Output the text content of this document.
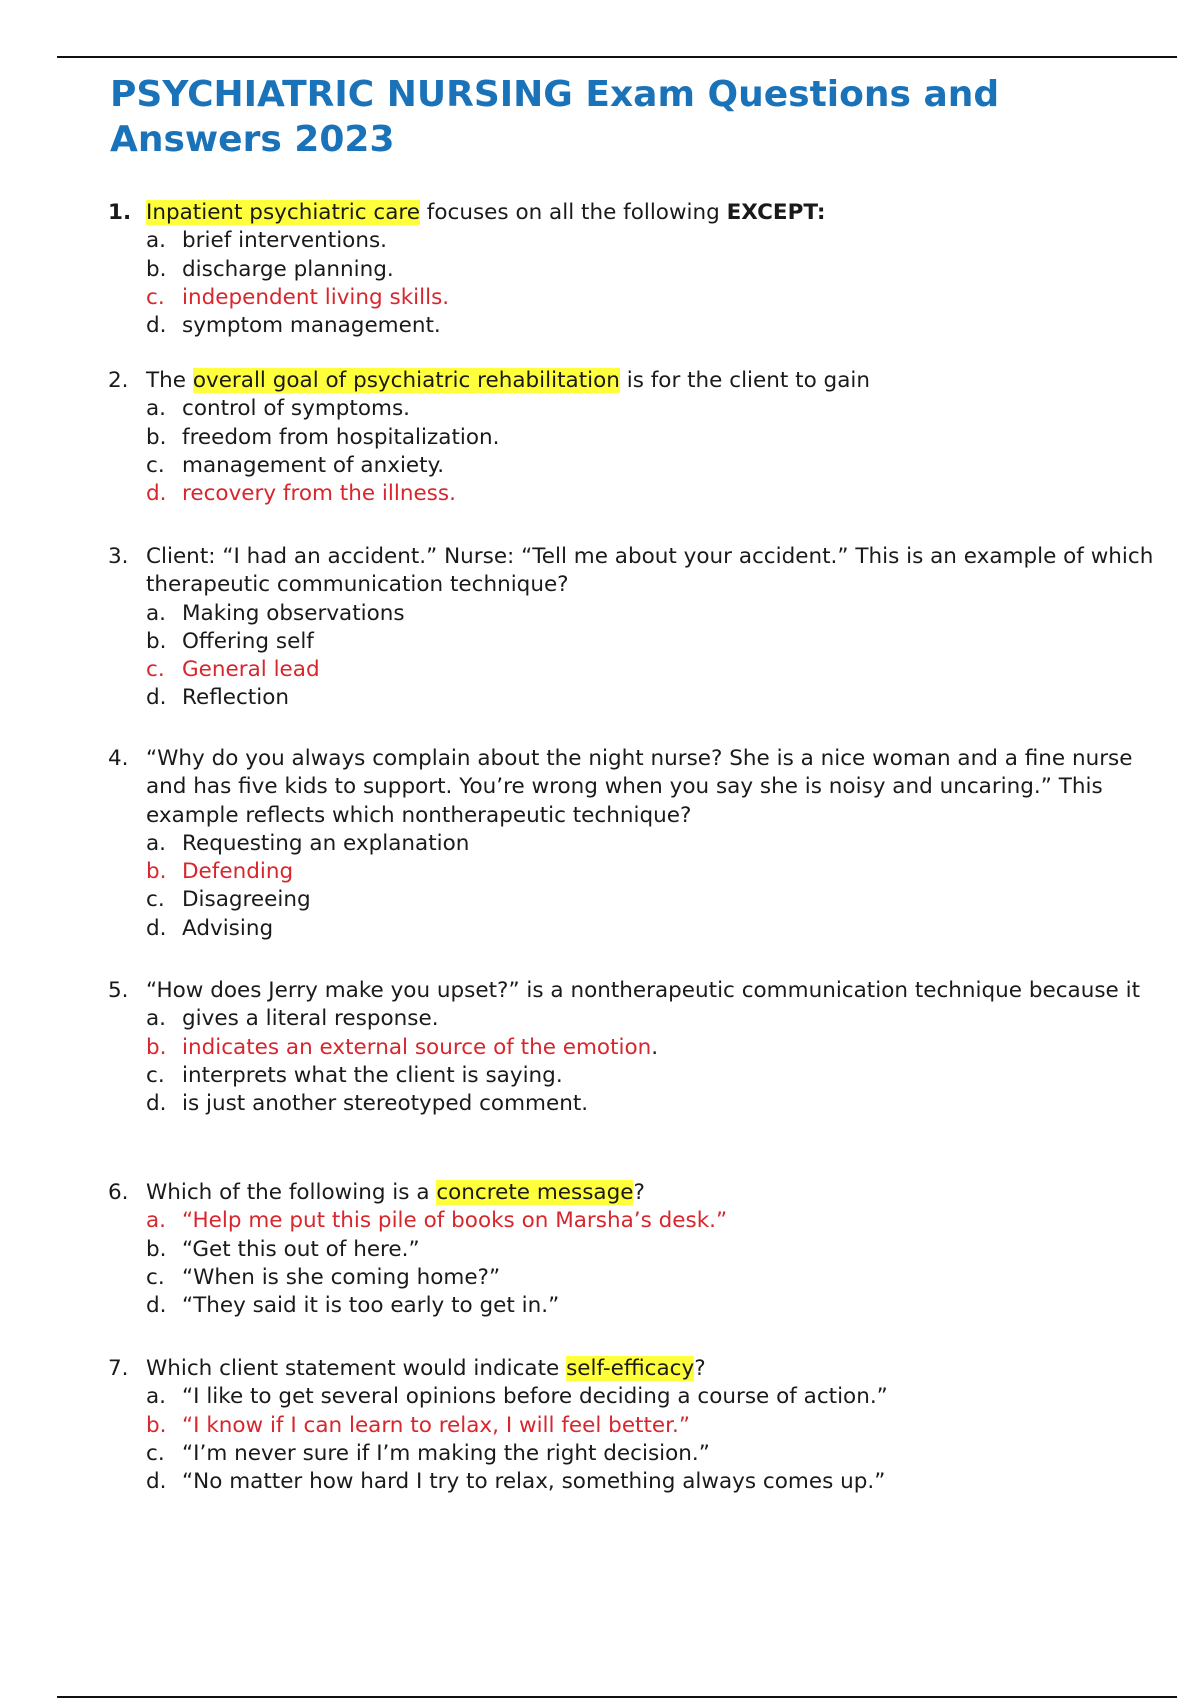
PSYCHIATRIC NURSING Exam Questions and Answers 2023
1. Inpatient psychiatric care focuses on all the following EXCEPT:
a. brief interventions.
b. discharge planning.
c. independent living skills.
d. symptom management.
2. The overall goal of psychiatric rehabilitation is for the client to gain
a. control of symptoms.
b. freedom from hospitalization.
c. management of anxiety.
d. recovery from the illness.
3. Client: “I had an accident.” Nurse: “Tell me about your accident.” This is an example of which therapeutic communication technique?
a. Making observations
b. Offering self
c. General lead
d. Reflection
4. “Why do you always complain about the night nurse? She is a nice woman and a fine nurse and has five kids to support. You’re wrong when you say she is noisy and uncaring.” This example reflects which nontherapeutic technique?
a. Requesting an explanation
b. Defending
c. Disagreeing
d. Advising
5. “How does Jerry make you upset?” is a nontherapeutic communication technique because it
a. gives a literal response.
b. indicates an external source of the emotion.
c. interprets what the client is saying.
d. is just another stereotyped comment.
6. Which of the following is a concrete message?
a. “Help me put this pile of books on Marsha’s desk.”
b. “Get this out of here.”
c. “When is she coming home?”
d. “They said it is too early to get in.”
7. Which client statement would indicate self-efficacy?
a. “I like to get several opinions before deciding a course of action.”
b. “I know if I can learn to relax, I will feel better.”
c. “I’m never sure if I’m making the right decision.”
d. “No matter how hard I try to relax, something always comes up.”
